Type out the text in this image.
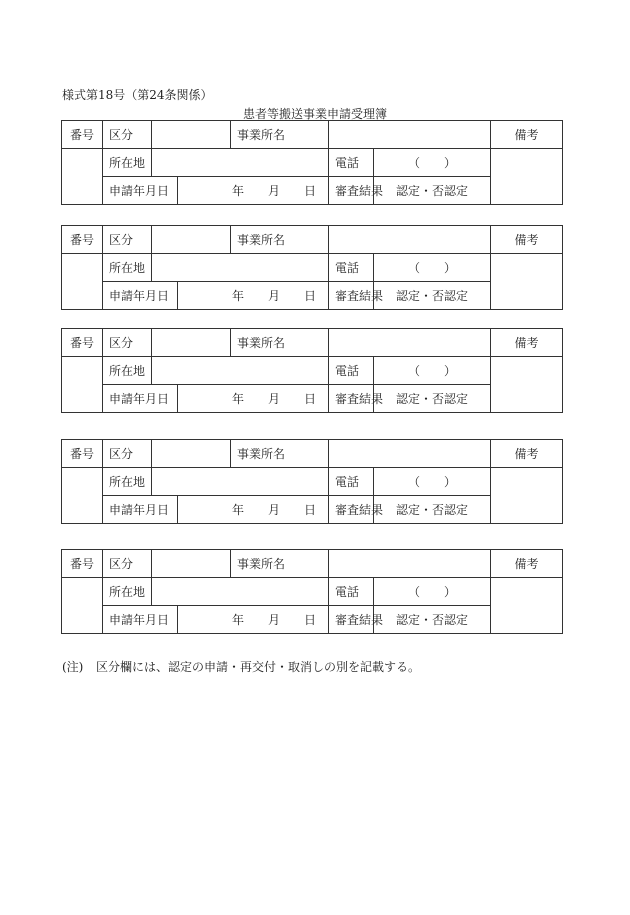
様式第18号（第24条関係）
患者等搬送事業申請受理簿
番号	区分			事業所名			備考
	所在地				電話	（　　）	
	申請年月日		年　　月　　日		審査結果	認定・否認定	
番号	区分			事業所名			備考
	所在地				電話	（　　）	
	申請年月日		年　　月　　日		審査結果	認定・否認定	
番号	区分			事業所名			備考
	所在地				電話	（　　）	
	申請年月日		年　　月　　日		審査結果	認定・否認定	
番号	区分			事業所名			備考
	所在地				電話	（　　）	
	申請年月日		年　　月　　日		審査結果	認定・否認定	
番号	区分			事業所名			備考
	所在地				電話	（　　）	
	申請年月日		年　　月　　日		審査結果	認定・否認定	
(注) 区分欄には、認定の申請・再交付・取消しの別を記載する。
